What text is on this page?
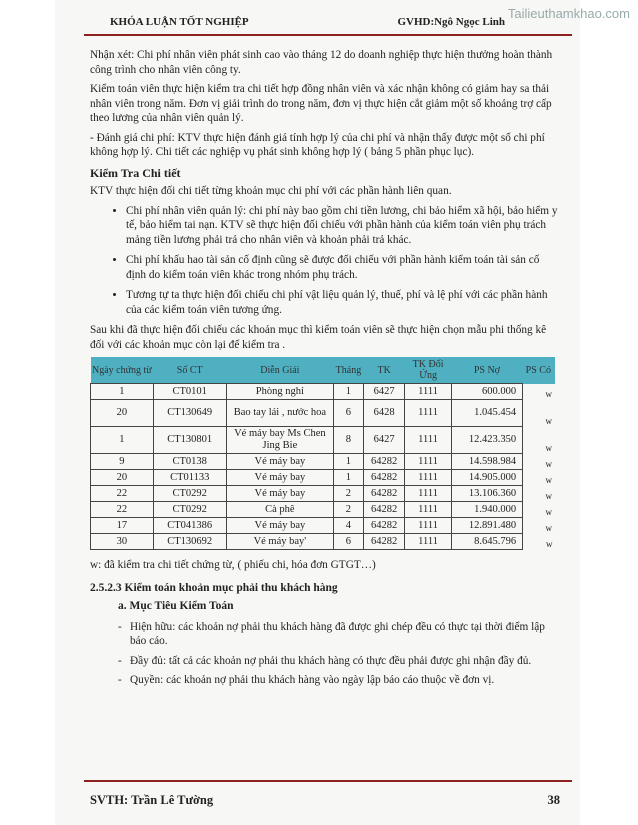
KHÓA LUẬN TỐT NGHIỆP	GVHD:Ngô Ngọc Linh
Tailieuthamkhao.com

Nhận xét: Chi phí nhân viên phát sinh cao vào tháng 12 do doanh nghiệp thực hiện thưởng hoàn thành công trình cho nhân viên công ty.

Kiểm toán viên thực hiện kiểm tra chi tiết hợp đồng nhân viên và xác nhận không có giảm hay sa thải nhân viên trong năm. Đơn vị giải trình do trong năm, đơn vị thực hiện cắt giảm một số khoảng trợ cấp theo lương của nhân viên quản lý.

- Đánh giá chi phí: KTV thực hiện đánh giá tính hợp lý của chi phí và nhận thấy được một số chi phí không hợp lý. Chi tiết các nghiệp vụ phát sinh không hợp lý ( bảng 5 phần phục lục).

Kiểm Tra Chi tiết

KTV thực hiện đối chi tiết từng khoản mục chi phí với các phần hành liên quan.

• Chi phí nhân viên quản lý: chi phí này bao gồm chi tiền lương, chi bảo hiểm xã hội, bảo hiểm y tế, bảo hiểm tai nạn. KTV sẽ thực hiện đối chiếu với phần hành của kiểm toán viên phụ trách mảng tiền lương phải trả cho nhân viên và khoản phải trả khác.
• Chi phí khấu hao tài sản cố định cũng sẽ được đối chiếu với phần hành kiểm toán tài sản cố định do kiểm toán viên khác trong nhóm phụ trách.
• Tương tự ta thực hiện đối chiếu chi phí vật liệu quản lý, thuế, phí và lệ phí với các phần hành của các kiểm toán viên tương ứng.

Sau khi đã thực hiện đối chiếu các khoản mục thì kiểm toán viên sẽ thực hiện chọn mẫu phi thống kê đối với các khoản mục còn lại để kiểm tra .

Ngày chứng từ	Số CT	Diễn Giải	Tháng	TK	TK Đối Ứng	PS Nợ	PS Có
1	CT0101	Phòng nghỉ	1	6427	1111	600.000	w
20	CT130649	Bao tay lái , nước hoa	6	6428	1111	1.045.454	w
1	CT130801	Vé máy bay Ms Chen Jing Bie	8	6427	1111	12.423.350	w
9	CT0138	Vé máy bay	1	64282	1111	14.598.984	w
20	CT01133	Vé máy bay	1	64282	1111	14.905.000	w
22	CT0292	Vé máy bay	2	64282	1111	13.106.360	w
22	CT0292	Cà phê	2	64282	1111	1.940.000	w
17	CT041386	Vé máy bay	4	64282	1111	12.891.480	w
30	CT130692	Vé máy bay'	6	64282	1111	8.645.796	w

w: đã kiểm tra chi tiết chứng từ, ( phiếu chi, hóa đơn GTGT…)

2.5.2.3 Kiểm toán khoản mục phải thu khách hàng
a. Mục Tiêu Kiểm Toán
- Hiện hữu: các khoản nợ phải thu khách hàng đã được ghi chép đều có thực tại thời điểm lập báo cáo.
- Đầy đủ: tất cả các khoản nợ phải thu khách hàng có thực đều phải được ghi nhận đầy đủ.
- Quyền: các khoản nợ phải thu khách hàng vào ngày lập báo cáo thuộc về đơn vị.
SVTH: Trần Lê Tường	38
